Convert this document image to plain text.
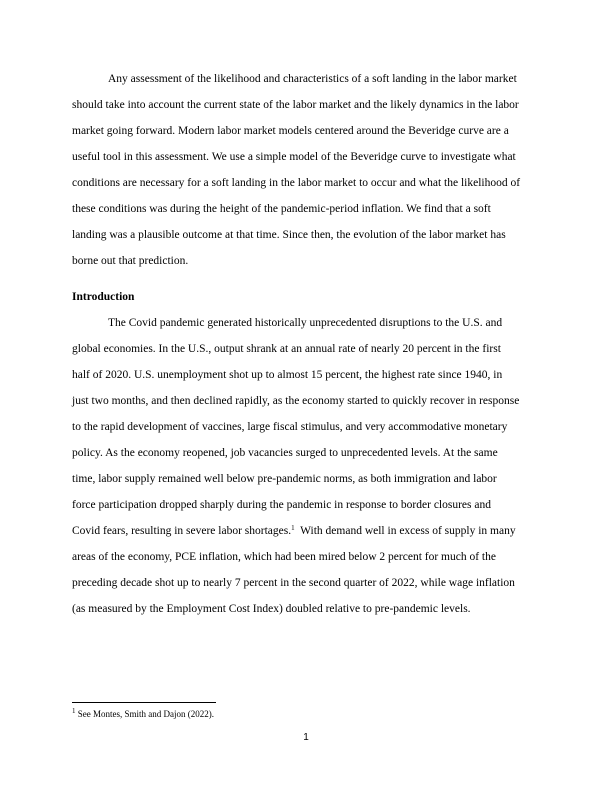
Any assessment of the likelihood and characteristics of a soft landing in the labor market
should take into account the current state of the labor market and the likely dynamics in the labor
market going forward. Modern labor market models centered around the Beveridge curve are a
useful tool in this assessment. We use a simple model of the Beveridge curve to investigate what
conditions are necessary for a soft landing in the labor market to occur and what the likelihood of
these conditions was during the height of the pandemic-period inflation. We find that a soft
landing was a plausible outcome at that time. Since then, the evolution of the labor market has
borne out that prediction.
Introduction
The Covid pandemic generated historically unprecedented disruptions to the U.S. and
global economies. In the U.S., output shrank at an annual rate of nearly 20 percent in the first
half of 2020. U.S. unemployment shot up to almost 15 percent, the highest rate since 1940, in
just two months, and then declined rapidly, as the economy started to quickly recover in response
to the rapid development of vaccines, large fiscal stimulus, and very accommodative monetary
policy. As the economy reopened, job vacancies surged to unprecedented levels. At the same
time, labor supply remained well below pre-pandemic norms, as both immigration and labor
force participation dropped sharply during the pandemic in response to border closures and
Covid fears, resulting in severe labor shortages.$^1$  With demand well in excess of supply in many
areas of the economy, PCE inflation, which had been mired below 2 percent for much of the
preceding decade shot up to nearly 7 percent in the second quarter of 2022, while wage inflation
(as measured by the Employment Cost Index) doubled relative to pre-pandemic levels.
$^1$ See Montes, Smith and Dajon (2022).
1
